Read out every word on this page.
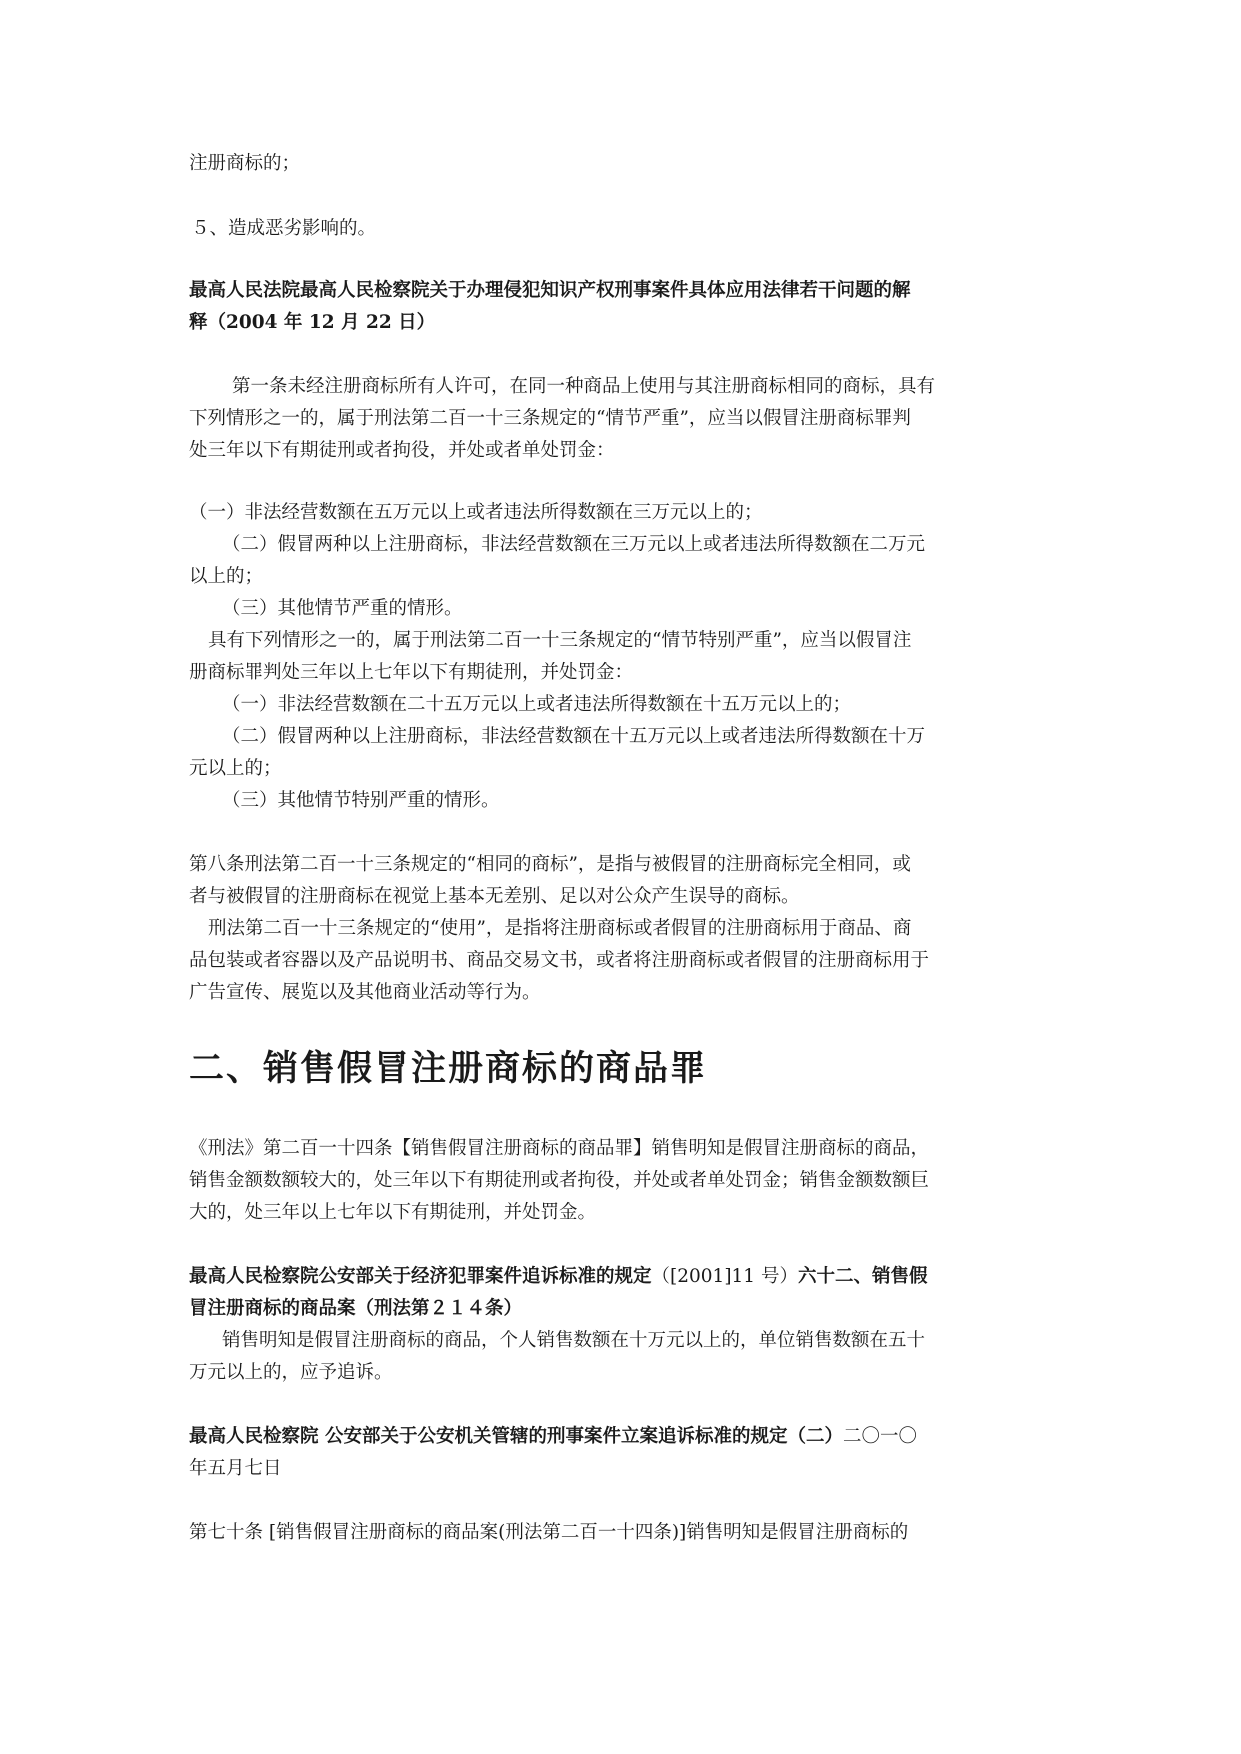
注册商标的；
５、造成恶劣影响的。
最高人民法院最高人民检察院关于办理侵犯知识产权刑事案件具体应用法律若干问题的解
释（2004 年 12 月 22 日）
第一条未经注册商标所有人许可，在同一种商品上使用与其注册商标相同的商标，具有
下列情形之一的，属于刑法第二百一十三条规定的“情节严重”，应当以假冒注册商标罪判
处三年以下有期徒刑或者拘役，并处或者单处罚金：
（一）非法经营数额在五万元以上或者违法所得数额在三万元以上的；
（二）假冒两种以上注册商标，非法经营数额在三万元以上或者违法所得数额在二万元
以上的；
（三）其他情节严重的情形。
具有下列情形之一的，属于刑法第二百一十三条规定的“情节特别严重”，应当以假冒注
册商标罪判处三年以上七年以下有期徒刑，并处罚金：
（一）非法经营数额在二十五万元以上或者违法所得数额在十五万元以上的；
（二）假冒两种以上注册商标，非法经营数额在十五万元以上或者违法所得数额在十万
元以上的；
（三）其他情节特别严重的情形。
第八条刑法第二百一十三条规定的“相同的商标”，是指与被假冒的注册商标完全相同，或
者与被假冒的注册商标在视觉上基本无差别、足以对公众产生误导的商标。
刑法第二百一十三条规定的“使用”，是指将注册商标或者假冒的注册商标用于商品、商
品包装或者容器以及产品说明书、商品交易文书，或者将注册商标或者假冒的注册商标用于
广告宣传、展览以及其他商业活动等行为。
二、销售假冒注册商标的商品罪
《刑法》第二百一十四条【销售假冒注册商标的商品罪】销售明知是假冒注册商标的商品，
销售金额数额较大的，处三年以下有期徒刑或者拘役，并处或者单处罚金；销售金额数额巨
大的，处三年以上七年以下有期徒刑，并处罚金。
最高人民检察院公安部关于经济犯罪案件追诉标准的规定（[2001]11 号）六十二、销售假
冒注册商标的商品案（刑法第２１４条）
销售明知是假冒注册商标的商品，个人销售数额在十万元以上的，单位销售数额在五十
万元以上的，应予追诉。
最高人民检察院 公安部关于公安机关管辖的刑事案件立案追诉标准的规定（二）二〇一〇
年五月七日
第七十条 [销售假冒注册商标的商品案(刑法第二百一十四条)]销售明知是假冒注册商标的
